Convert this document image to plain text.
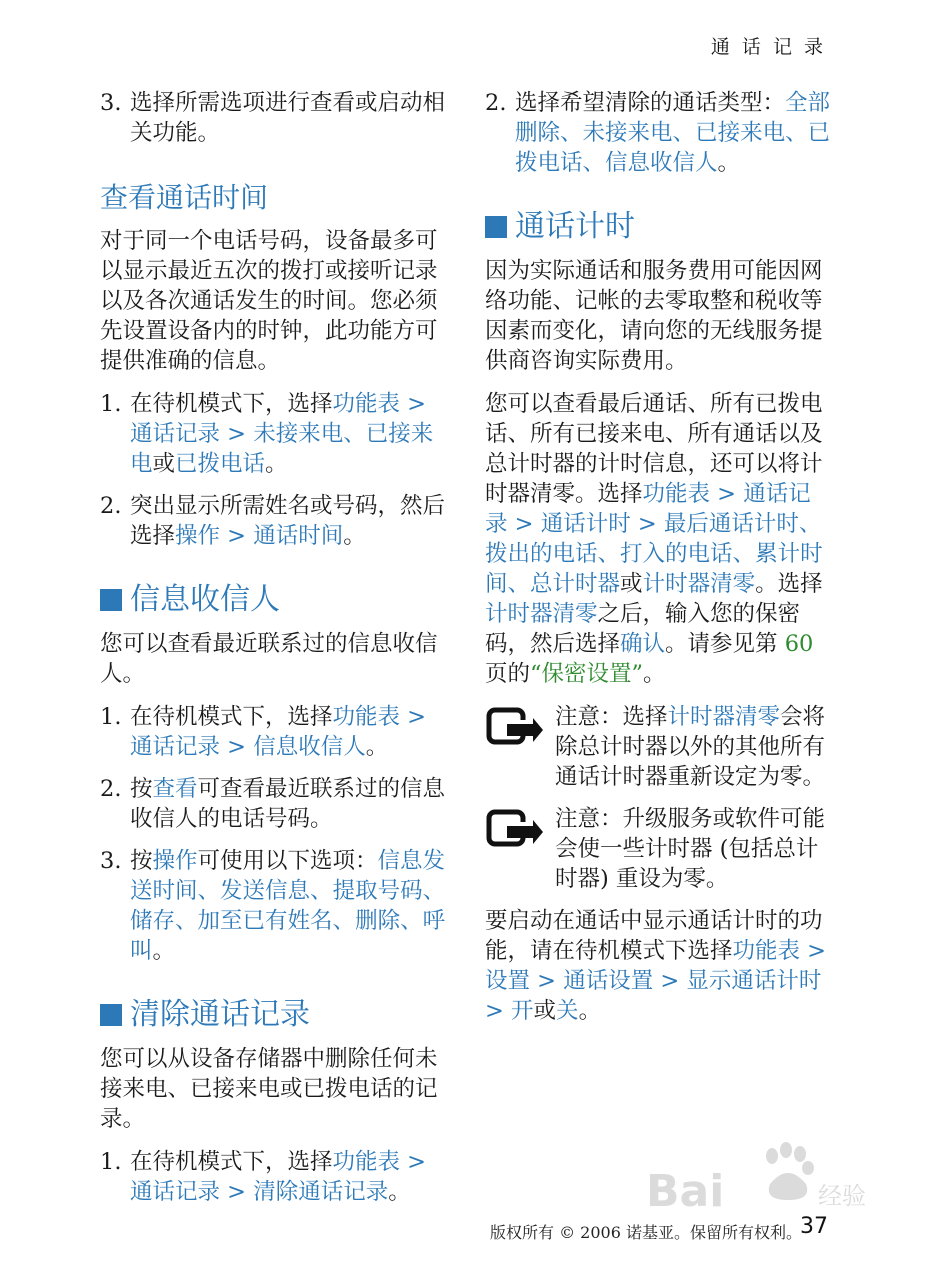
通 话 记 录
3. 选择所需选项进行查看或启动相关功能。
查看通话时间

对于同一个电话号码，设备最多可以显示最近五次的拨打或接听记录以及各次通话发生的时间。您必须先设置设备内的时钟，此功能方可提供准确的信息。

1. 在待机模式下，选择功能表 > 通话记录 > 未接来电、已接来电或已拨电话。
2. 突出显示所需姓名或号码，然后选择操作 > 通话时间。
信息收信人

您可以查看最近联系过的信息收信人。

1. 在待机模式下，选择功能表 > 通话记录 > 信息收信人。
2. 按查看可查看最近联系过的信息收信人的电话号码。
3. 按操作可使用以下选项：信息发送时间、发送信息、提取号码、储存、加至已有姓名、删除、呼叫。
清除通话记录

您可以从设备存储器中删除任何未接来电、已接来电或已拨电话的记录。

1. 在待机模式下，选择功能表 > 通话记录 > 清除通话记录。
2. 选择希望清除的通话类型：全部删除、未接来电、已接来电、已拨电话、信息收信人。
通话计时

因为实际通话和服务费用可能因网络功能、记帐的去零取整和税收等因素而变化，请向您的无线服务提供商咨询实际费用。

您可以查看最后通话、所有已拨电话、所有已接来电、所有通话以及总计时器的计时信息，还可以将计时器清零。选择功能表 > 通话记录 > 通话计时 > 最后通话计时、拨出的电话、打入的电话、累计时间、总计时器或计时器清零。选择计时器清零之后，输入您的保密码，然后选择确认。请参见第 60 页的“保密设置”。

注意：选择计时器清零会将除总计时器以外的其他所有通话计时器重新设定为零。
注意：升级服务或软件可能会使一些计时器 (包括总计时器) 重设为零。

要启动在通话中显示通话计时的功能，请在待机模式下选择功能表 > 设置 > 通话设置 > 显示通话计时 > 开或关。

Bai	经验
版权所有 © 2006 诺基亚。保留所有权利。
37
